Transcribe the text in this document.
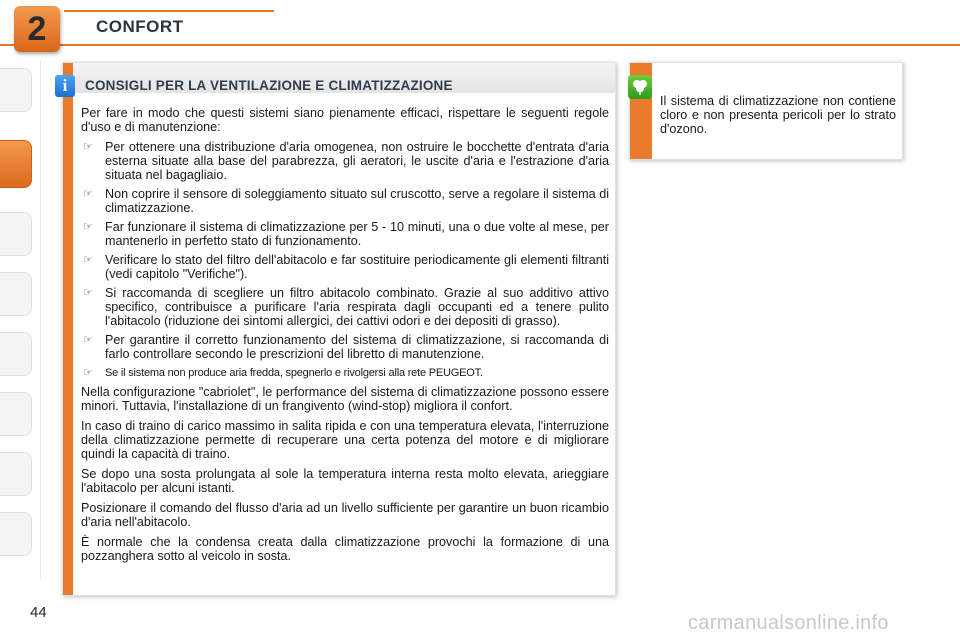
2	CONFORT
i	CONSIGLI PER LA VENTILAZIONE E CLIMATIZZAZIONE

Per fare in modo che questi sistemi siano pienamente efficaci, rispettare le seguenti regole d'uso e di manutenzione:

☞ Per ottenere una distribuzione d'aria omogenea, non ostruire le bocchette d'entrata d'aria esterna situate alla base del parabrezza, gli aeratori, le uscite d'aria e l'estrazione d'aria situata nel bagagliaio.
☞ Non coprire il sensore di soleggiamento situato sul cruscotto, serve a regolare il sistema di climatizzazione.
☞ Far funzionare il sistema di climatizzazione per 5 - 10 minuti, una o due volte al mese, per mantenerlo in perfetto stato di funzionamento.
☞ Verificare lo stato del filtro dell'abitacolo e far sostituire periodicamente gli elementi filtranti (vedi capitolo "Verifiche").
☞ Si raccomanda di scegliere un filtro abitacolo combinato. Grazie al suo additivo attivo specifico, contribuisce a purificare l'aria respirata dagli occupanti ed a tenere pulito l'abitacolo (riduzione dei sintomi allergici, dei cattivi odori e dei depositi di grasso).
☞ Per garantire il corretto funzionamento del sistema di climatizzazione, si raccomanda di farlo controllare secondo le prescrizioni del libretto di manutenzione.
☞ Se il sistema non produce aria fredda, spegnerlo e rivolgersi alla rete PEUGEOT.

Nella configurazione "cabriolet", le performance del sistema di climatizzazione possono essere minori. Tuttavia, l'installazione di un frangivento (wind-stop) migliora il confort.

In caso di traino di carico massimo in salita ripida e con una temperatura elevata, l'interruzione della climatizzazione permette di recuperare una certa potenza del motore e di migliorare quindi la capacità di traino.

Se dopo una sosta prolungata al sole la temperatura interna resta molto elevata, arieggiare l'abitacolo per alcuni istanti.

Posizionare il comando del flusso d'aria ad un livello sufficiente per garantire un buon ricambio d'aria nell'abitacolo.

È normale che la condensa creata dalla climatizzazione provochi la formazione di una pozzanghera sotto al veicolo in sosta.

Il sistema di climatizzazione non contiene cloro e non presenta pericoli per lo strato d'ozono.
44	carmanualsonline.info
